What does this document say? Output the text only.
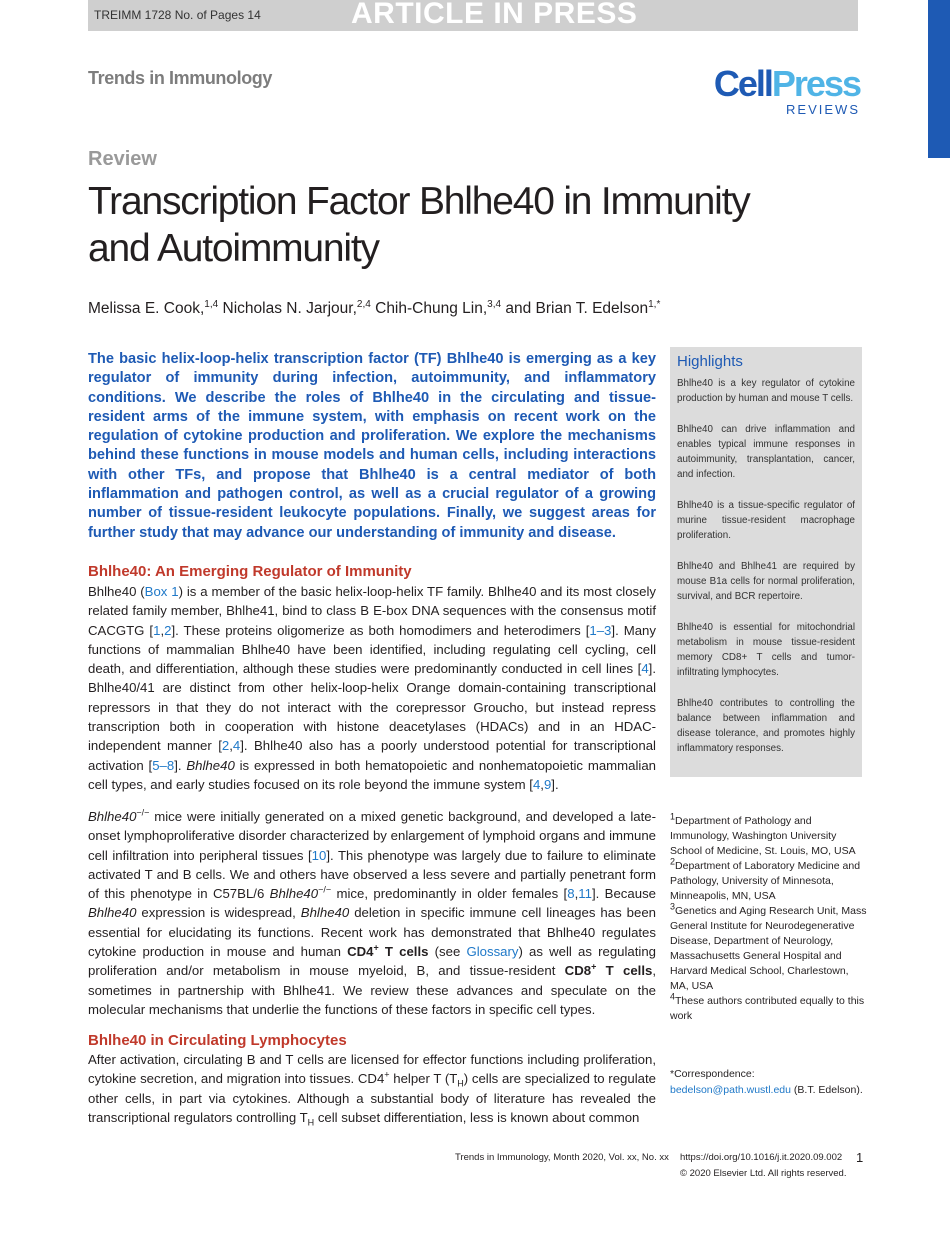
TREIMM 1728 No. of Pages 14	ARTICLE IN PRESS
Trends in Immunology	CellPress
REVIEWS
Review
Transcription Factor Bhlhe40 in Immunity
and Autoimmunity
Melissa E. Cook,$^{1,4}$ Nicholas N. Jarjour,$^{2,4}$ Chih-Chung Lin,$^{3,4}$ and Brian T. Edelson$^{1,*}$
The basic helix-loop-helix transcription factor (TF) Bhlhe40 is emerging as a key regulator of immunity during infection, autoimmunity, and inflammatory conditions. We describe the roles of Bhlhe40 in the circulating and tissue-resident arms of the immune system, with emphasis on recent work on the regulation of cytokine production and proliferation. We explore the mechanisms behind these functions in mouse models and human cells, including interactions with other TFs, and propose that Bhlhe40 is a central mediator of both inflammation and pathogen control, as well as a crucial regulator of a growing number of tissue-resident leukocyte populations. Finally, we suggest areas for further study that may advance our understanding of immunity and disease.
Bhlhe40: An Emerging Regulator of Immunity

Bhlhe40 (Box 1) is a member of the basic helix-loop-helix TF family. Bhlhe40 and its most closely related family member, Bhlhe41, bind to class B E-box DNA sequences with the consensus motif CACGTG [1,2]. These proteins oligomerize as both homodimers and heterodimers [1–3]. Many functions of mammalian Bhlhe40 have been identified, including regulating cell cycling, cell death, and differentiation, although these studies were predominantly conducted in cell lines [4]. Bhlhe40/41 are distinct from other helix-loop-helix Orange domain-containing transcriptional repressors in that they do not interact with the corepressor Groucho, but instead repress transcription both in cooperation with histone deacetylases (HDACs) and in an HDAC-independent manner [2,4]. Bhlhe40 also has a poorly understood potential for transcriptional activation [5–8]. Bhlhe40 is expressed in both hematopoietic and nonhematopoietic mammalian cell types, and early studies focused on its role beyond the immune system [4,9].

Bhlhe40−/− mice were initially generated on a mixed genetic background, and developed a late-onset lymphoproliferative disorder characterized by enlargement of lymphoid organs and immune cell infiltration into peripheral tissues [10]. This phenotype was largely due to failure to eliminate activated T and B cells. We and others have observed a less severe and partially penetrant form of this phenotype in C57BL/6 Bhlhe40−/− mice, predominantly in older females [8,11]. Because Bhlhe40 expression is widespread, Bhlhe40 deletion in specific immune cell lineages has been essential for elucidating its functions. Recent work has demonstrated that Bhlhe40 regulates cytokine production in mouse and human CD4+ T cells (see Glossary) as well as regulating proliferation and/or metabolism in mouse myeloid, B, and tissue-resident CD8+ T cells, sometimes in partnership with Bhlhe41. We review these advances and speculate on the molecular mechanisms that underlie the functions of these factors in specific cell types.

Bhlhe40 in Circulating Lymphocytes

After activation, circulating B and T cells are licensed for effector functions including proliferation, cytokine secretion, and migration into tissues. CD4+ helper T $(T_H)$ cells are specialized to regulate other cells, in part via cytokines. Although a substantial body of literature has revealed the transcriptional regulators controlling $T_H$ cell subset differentiation, less is known about common

Highlights

Bhlhe40 is a key regulator of cytokine production by human and mouse T cells.

Bhlhe40 can drive inflammation and enables typical immune responses in autoimmunity, transplantation, cancer, and infection.

Bhlhe40 is a tissue-specific regulator of murine tissue-resident macrophage proliferation.

Bhlhe40 and Bhlhe41 are required by mouse B1a cells for normal proliferation, survival, and BCR repertoire.

Bhlhe40 is essential for mitochondrial metabolism in mouse tissue-resident memory CD8+ T cells and tumor-infiltrating lymphocytes.

Bhlhe40 contributes to controlling the balance between inflammation and disease tolerance, and promotes highly inflammatory responses.

$^1$Department of Pathology and Immunology, Washington University School of Medicine, St. Louis, MO, USA

$^2$Department of Laboratory Medicine and Pathology, University of Minnesota, Minneapolis, MN, USA

$^3$Genetics and Aging Research Unit, Mass General Institute for Neurodegenerative Disease, Department of Neurology, Massachusetts General Hospital and Harvard Medical School, Charlestown, MA, USA

$^4$These authors contributed equally to this work

*Correspondence:
bedelson@path.wustl.edu (B.T. Edelson).
Trends in Immunology, Month 2020, Vol. xx, No. xx https://doi.org/10.1016/j.it.2020.09.002
© 2020 Elsevier Ltd. All rights reserved.
1
